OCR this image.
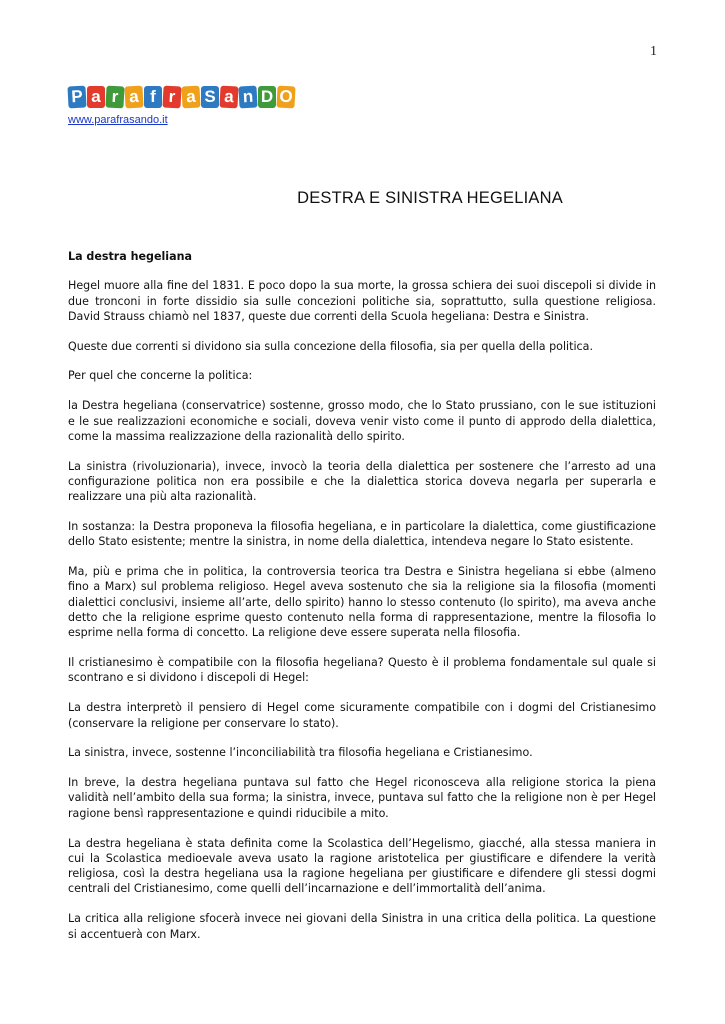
1
P a r a f r a S a n D O
www.parafrasando.it
DESTRA E SINISTRA HEGELIANA
La destra hegeliana

Hegel muore alla fine del 1831. E poco dopo la sua morte, la grossa schiera dei suoi discepoli si divide in due tronconi in forte dissidio sia sulle concezioni politiche sia, soprattutto, sulla questione religiosa. David Strauss chiamò nel 1837, queste due correnti della Scuola hegeliana: Destra e Sinistra.

Queste due correnti si dividono sia sulla concezione della filosofia, sia per quella della politica.

Per quel che concerne la politica:

la Destra hegeliana (conservatrice) sostenne, grosso modo, che lo Stato prussiano, con le sue istituzioni e le sue realizzazioni economiche e sociali, doveva venir visto come il punto di approdo della dialettica, come la massima realizzazione della razionalità dello spirito.

La sinistra (rivoluzionaria), invece, invocò la teoria della dialettica per sostenere che l’arresto ad una configurazione politica non era possibile e che la dialettica storica doveva negarla per superarla e realizzare una più alta razionalità.

In sostanza: la Destra proponeva la filosofia hegeliana, e in particolare la dialettica, come giustificazione dello Stato esistente; mentre la sinistra, in nome della dialettica, intendeva negare lo Stato esistente.

Ma, più e prima che in politica, la controversia teorica tra Destra e Sinistra hegeliana si ebbe (almeno fino a Marx) sul problema religioso. Hegel aveva sostenuto che sia la religione sia la filosofia (momenti dialettici conclusivi, insieme all’arte, dello spirito) hanno lo stesso contenuto (lo spirito), ma aveva anche detto che la religione esprime questo contenuto nella forma di rappresentazione, mentre la filosofia lo esprime nella forma di concetto. La religione deve essere superata nella filosofia.

Il cristianesimo è compatibile con la filosofia hegeliana? Questo è il problema fondamentale sul quale si scontrano e si dividono i discepoli di Hegel:

La destra interpretò il pensiero di Hegel come sicuramente compatibile con i dogmi del Cristianesimo (conservare la religione per conservare lo stato).

La sinistra, invece, sostenne l’inconciliabilità tra filosofia hegeliana e Cristianesimo.

In breve, la destra hegeliana puntava sul fatto che Hegel riconosceva alla religione storica la piena validità nell’ambito della sua forma; la sinistra, invece, puntava sul fatto che la religione non è per Hegel ragione bensì rappresentazione e quindi riducibile a mito.

La destra hegeliana è stata definita come la Scolastica dell’Hegelismo, giacché, alla stessa maniera in cui la Scolastica medioevale aveva usato la ragione aristotelica per giustificare e difendere la verità religiosa, così la destra hegeliana usa la ragione hegeliana per giustificare e difendere gli stessi dogmi centrali del Cristianesimo, come quelli dell’incarnazione e dell’immortalità dell’anima.

La critica alla religione sfocerà invece nei giovani della Sinistra in una critica della politica. La questione si accentuerà con Marx.
